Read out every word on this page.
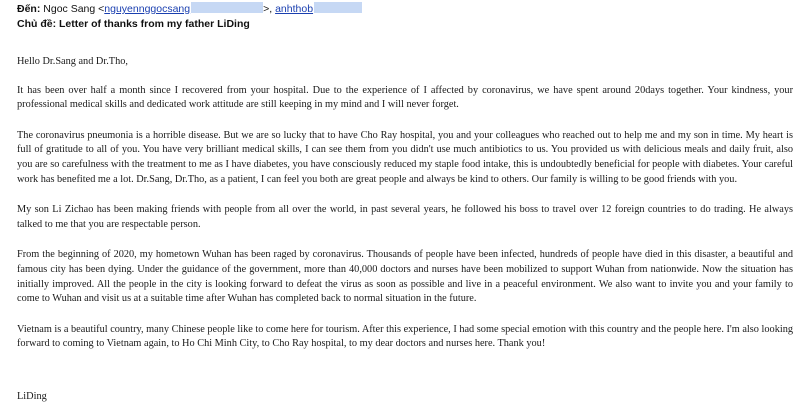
Đến: Ngoc Sang <nguyennggocsang	>, anhthob
Chủ đề: Letter of thanks from my father LiDing

Hello Dr.Sang and Dr.Tho,

It has been over half a month since I recovered from your hospital. Due to the experience of I affected by coronavirus, we have spent around 20days together. Your kindness, your professional medical skills and dedicated work attitude are still keeping in my mind and I will never forget.

The coronavirus pneumonia is a horrible disease. But we are so lucky that to have Cho Ray hospital, you and your colleagues who reached out to help me and my son in time. My heart is full of gratitude to all of you. You have very brilliant medical skills, I can see them from you didn't use much antibiotics to us. You provided us with delicious meals and daily fruit, also you are so carefulness with the treatment to me as I have diabetes, you have consciously reduced my staple food intake, this is undoubtedly beneficial for people with diabetes. Your careful work has benefited me a lot. Dr.Sang, Dr.Tho, as a patient, I can feel you both are great people and always be kind to others. Our family is willing to be good friends with you.

My son Li Zichao has been making friends with people from all over the world, in past several years, he followed his boss to travel over 12 foreign countries to do trading. He always talked to me that you are respectable person.

From the beginning of 2020, my hometown Wuhan has been raged by coronavirus. Thousands of people have been infected, hundreds of people have died in this disaster, a beautiful and famous city has been dying. Under the guidance of the government, more than 40,000 doctors and nurses have been mobilized to support Wuhan from nationwide. Now the situation has initially improved. All the people in the city is looking forward to defeat the virus as soon as possible and live in a peaceful environment. We also want to invite you and your family to come to Wuhan and visit us at a suitable time after Wuhan has completed back to normal situation in the future.

Vietnam is a beautiful country, many Chinese people like to come here for tourism. After this experience, I had some special emotion with this country and the people here. I'm also looking forward to coming to Vietnam again, to Ho Chi Minh City, to Cho Ray hospital, to my dear doctors and nurses here. Thank you!

LiDing
